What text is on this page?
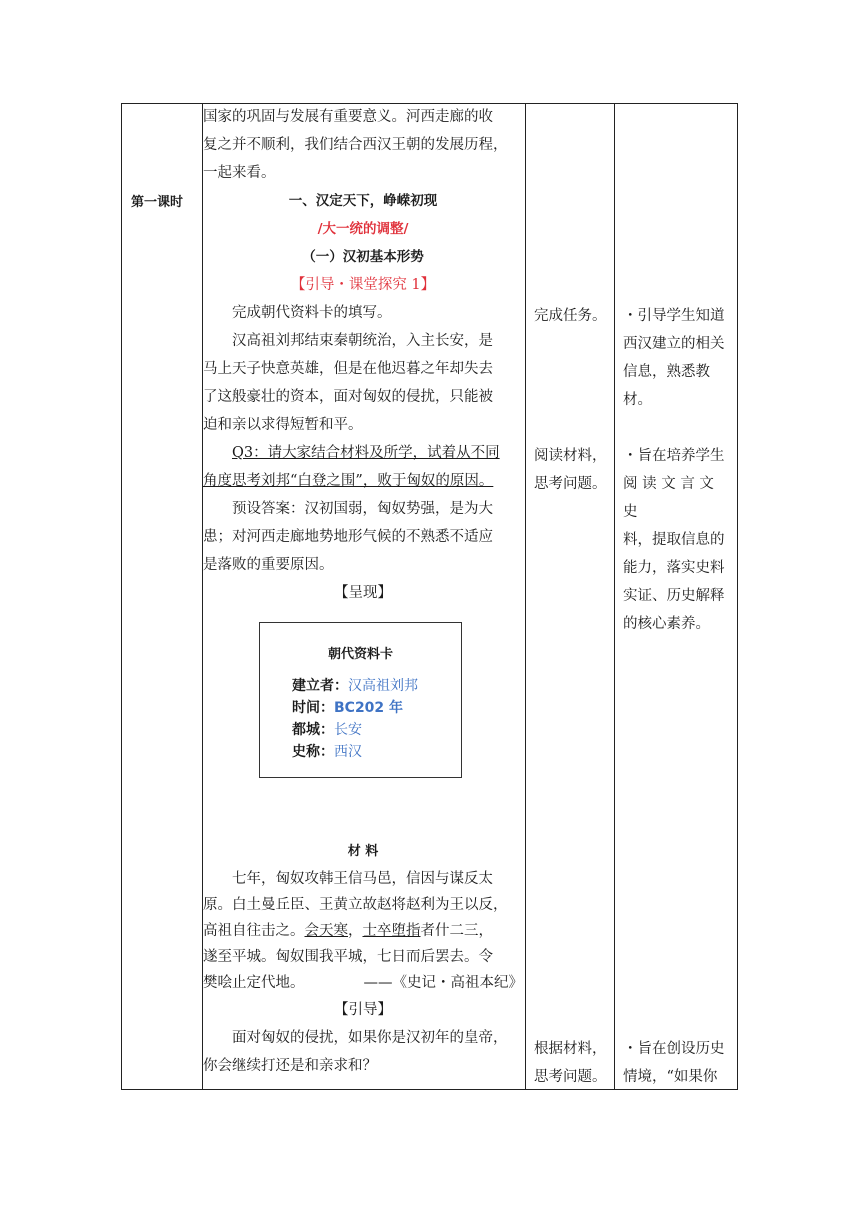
第一课时

国家的巩固与发展有重要意义。河西走廊的收

复之并不顺利，我们结合西汉王朝的发展历程，

一起来看。

一、汉定天下，峥嵘初现

/大一统的调整/

（一）汉初基本形势

【引导・课堂探究 1】

完成朝代资料卡的填写。

汉高祖刘邦结束秦朝统治，入主长安，是

马上天子快意英雄，但是在他迟暮之年却失去

了这般豪壮的资本，面对匈奴的侵扰，只能被

迫和亲以求得短暂和平。

Q3：请大家结合材料及所学，试着从不同

角度思考刘邦“白登之围”，败于匈奴的原因。

预设答案：汉初国弱，匈奴势强，是为大

患；对河西走廊地势地形气候的不熟悉不适应

是落败的重要原因。

【呈现】

朝代资料卡
建立者：汉高祖刘邦
时间：BC202 年
都城：长安
史称：西汉

材 料

七年，匈奴攻韩王信马邑，信因与谋反太

原。白土曼丘臣、王黄立故赵将赵利为王以反，

高祖自往击之。会天寒，士卒堕指者什二三，

遂至平城。匈奴围我平城，七日而后罢去。令

樊哙止定代地。	——《史记・高祖本纪》

【引导】

面对匈奴的侵扰，如果你是汉初年的皇帝，

你会继续打还是和亲求和？

完成任务。
阅读材料，
思考问题。
根据材料，
思考问题。
・引导学生知道
西汉建立的相关
信息，熟悉教材。
・旨在培养学生
阅 读 文 言 文 史
料，提取信息的
能力，落实史料
实证、历史解释
的核心素养。
・旨在创设历史
情境，“如果你
